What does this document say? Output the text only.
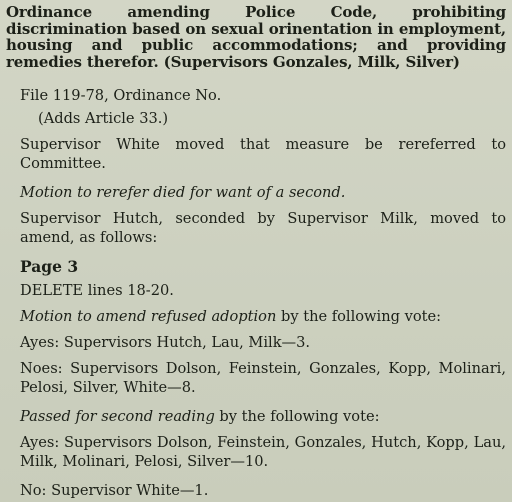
Ordinance amending Police Code, prohibiting discrimination based on sexual orinentation in employment, housing and public accommodations; and providing remedies therefor. (Supervisors Gonzales, Milk, Silver)
File 119-78, Ordinance No.
(Adds Article 33.)
Supervisor White moved that measure be rereferred to Committee.
Motion to rerefer died for want of a second.
Supervisor Hutch, seconded by Supervisor Milk, moved to amend, as follows:
Page 3
DELETE lines 18-20.
Motion to amend refused adoption by the following vote:
Ayes: Supervisors Hutch, Lau, Milk—3.
Noes: Supervisors Dolson, Feinstein, Gonzales, Kopp, Molinari, Pelosi, Silver, White—8.
Passed for second reading by the following vote:
Ayes: Supervisors Dolson, Feinstein, Gonzales, Hutch, Kopp, Lau, Milk, Molinari, Pelosi, Silver—10.
No: Supervisor White—1.
